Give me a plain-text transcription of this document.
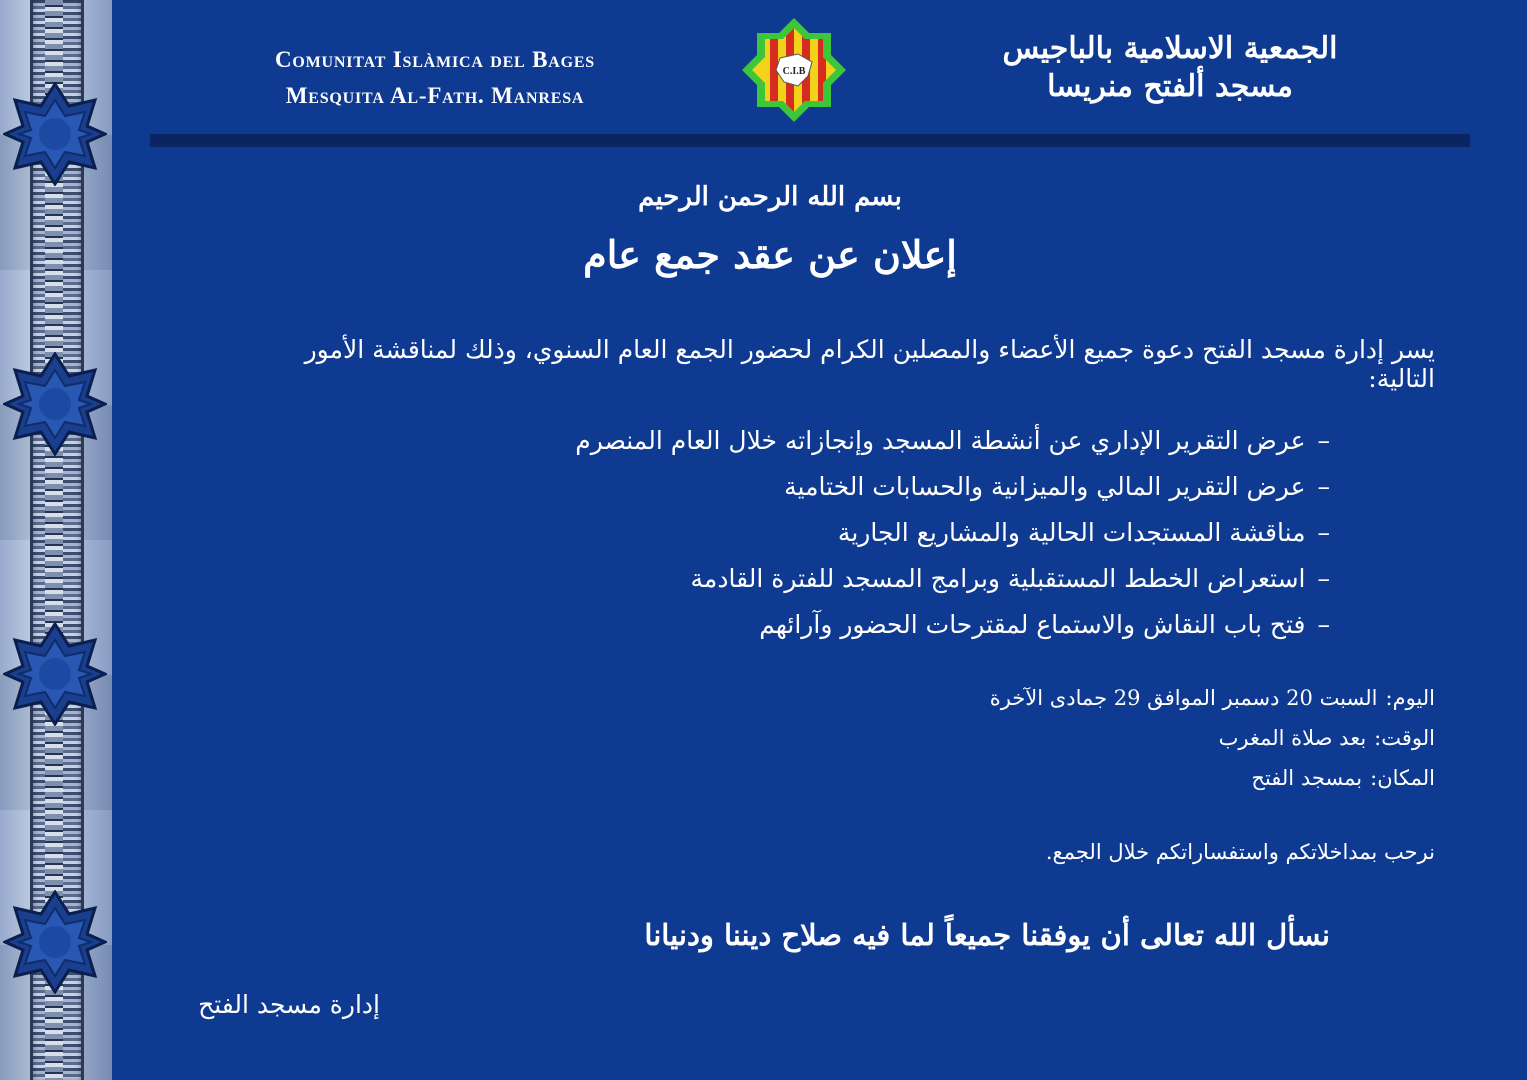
Comunitat Islàmica del Bages
Mesquita Al-Fath. Manresa
C.I.B
الجمعية الاسلامية بالباجيس
مسجد ألفتح منريسا
بسم الله الرحمن الرحيم
إعلان عن عقد جمع عام
يسر إدارة مسجد الفتح دعوة جميع الأعضاء والمصلين الكرام لحضور الجمع العام السنوي، وذلك لمناقشة الأمور التالية:
–عرض التقرير الإداري عن أنشطة المسجد وإنجازاته خلال العام المنصرم
–عرض التقرير المالي والميزانية والحسابات الختامية
–مناقشة المستجدات الحالية والمشاريع الجارية
–استعراض الخطط المستقبلية وبرامج المسجد للفترة القادمة
–فتح باب النقاش والاستماع لمقترحات الحضور وآرائهم
اليوم:السبت 20 دسمبر الموافق 29 جمادى الآخرة
الوقت:بعد صلاة المغرب
المكان:بمسجد الفتح
نرحب بمداخلاتكم واستفساراتكم خلال الجمع.
نسأل الله تعالى أن يوفقنا جميعاً لما فيه صلاح ديننا ودنيانا
إدارة مسجد الفتح
